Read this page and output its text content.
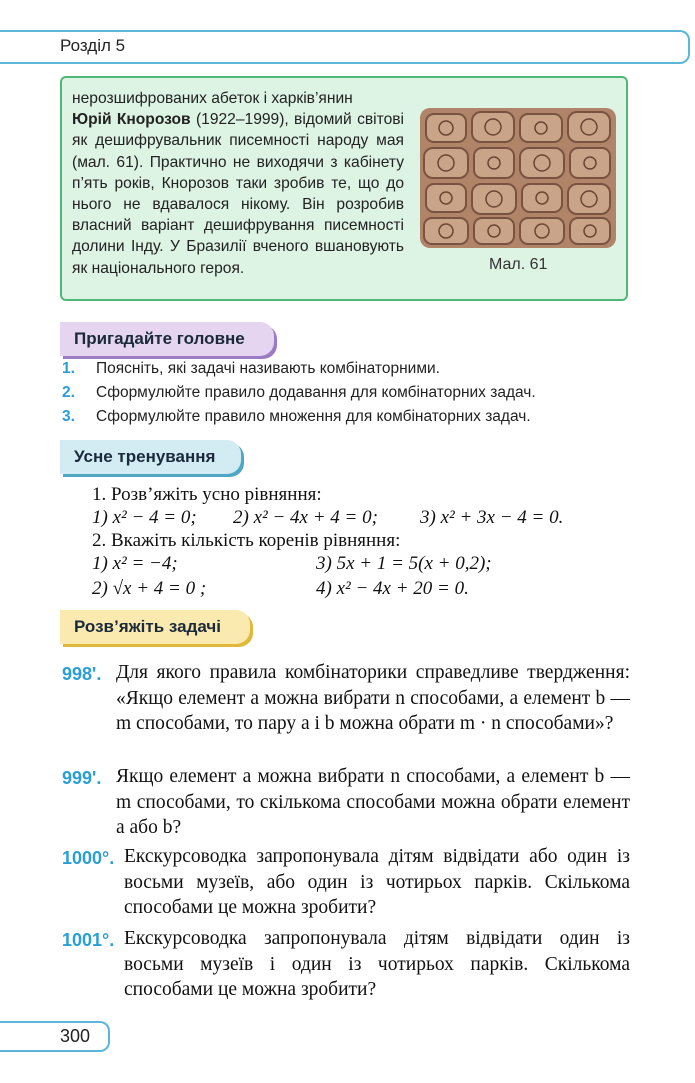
Розділ 5
нерозшифрованих абеток і харків’янин
Юрій Кнорозов (1922–1999), відомий світові як дешифрувальник писемності народу мая (мал. 61). Практично не виходячи з кабінету п’ять років, Кнорозов таки зробив те, що до нього не вдавалося нікому. Він розробив власний варіант дешифрування писемності долини Інду. У Бразилії вченого вшановують як національного героя.	Мал. 61
Пригадайте головне
1. Поясніть, які задачі називають комбінаторними.
2. Сформулюйте правило додавання для комбінаторних задач.
3. Сформулюйте правило множення для комбінаторних задач.
Усне тренування
1. Розв’яжіть усно рівняння:
1) x² − 4 = 0; 2) x² − 4x + 4 = 0; 3) x² + 3x − 4 = 0.
2. Вкажіть кількість коренів рівняння:
1) x² = −4;	3) 5x + 1 = 5(x + 0,2);
2) √x + 4 = 0 ;	4) x² − 4x + 20 = 0.
Розв’яжіть задачі
998'. Для якого правила комбінаторики справедливе твердження: «Якщо елемент a можна вибрати n способами, а елемент b — m способами, то пару a і b можна обрати m · n способами»?
999'. Якщо елемент a можна вибрати n способами, а елемент b — m способами, то скількома способами можна обрати елемент a або b?
1000°. Екскурсоводка запропонувала дітям відвідати або один із восьми музеїв, або один із чотирьох парків. Скількома способами це можна зробити?
1001°. Екскурсоводка запропонувала дітям відвідати один із восьми музеїв і один із чотирьох парків. Скількома способами це можна зробити?
300
